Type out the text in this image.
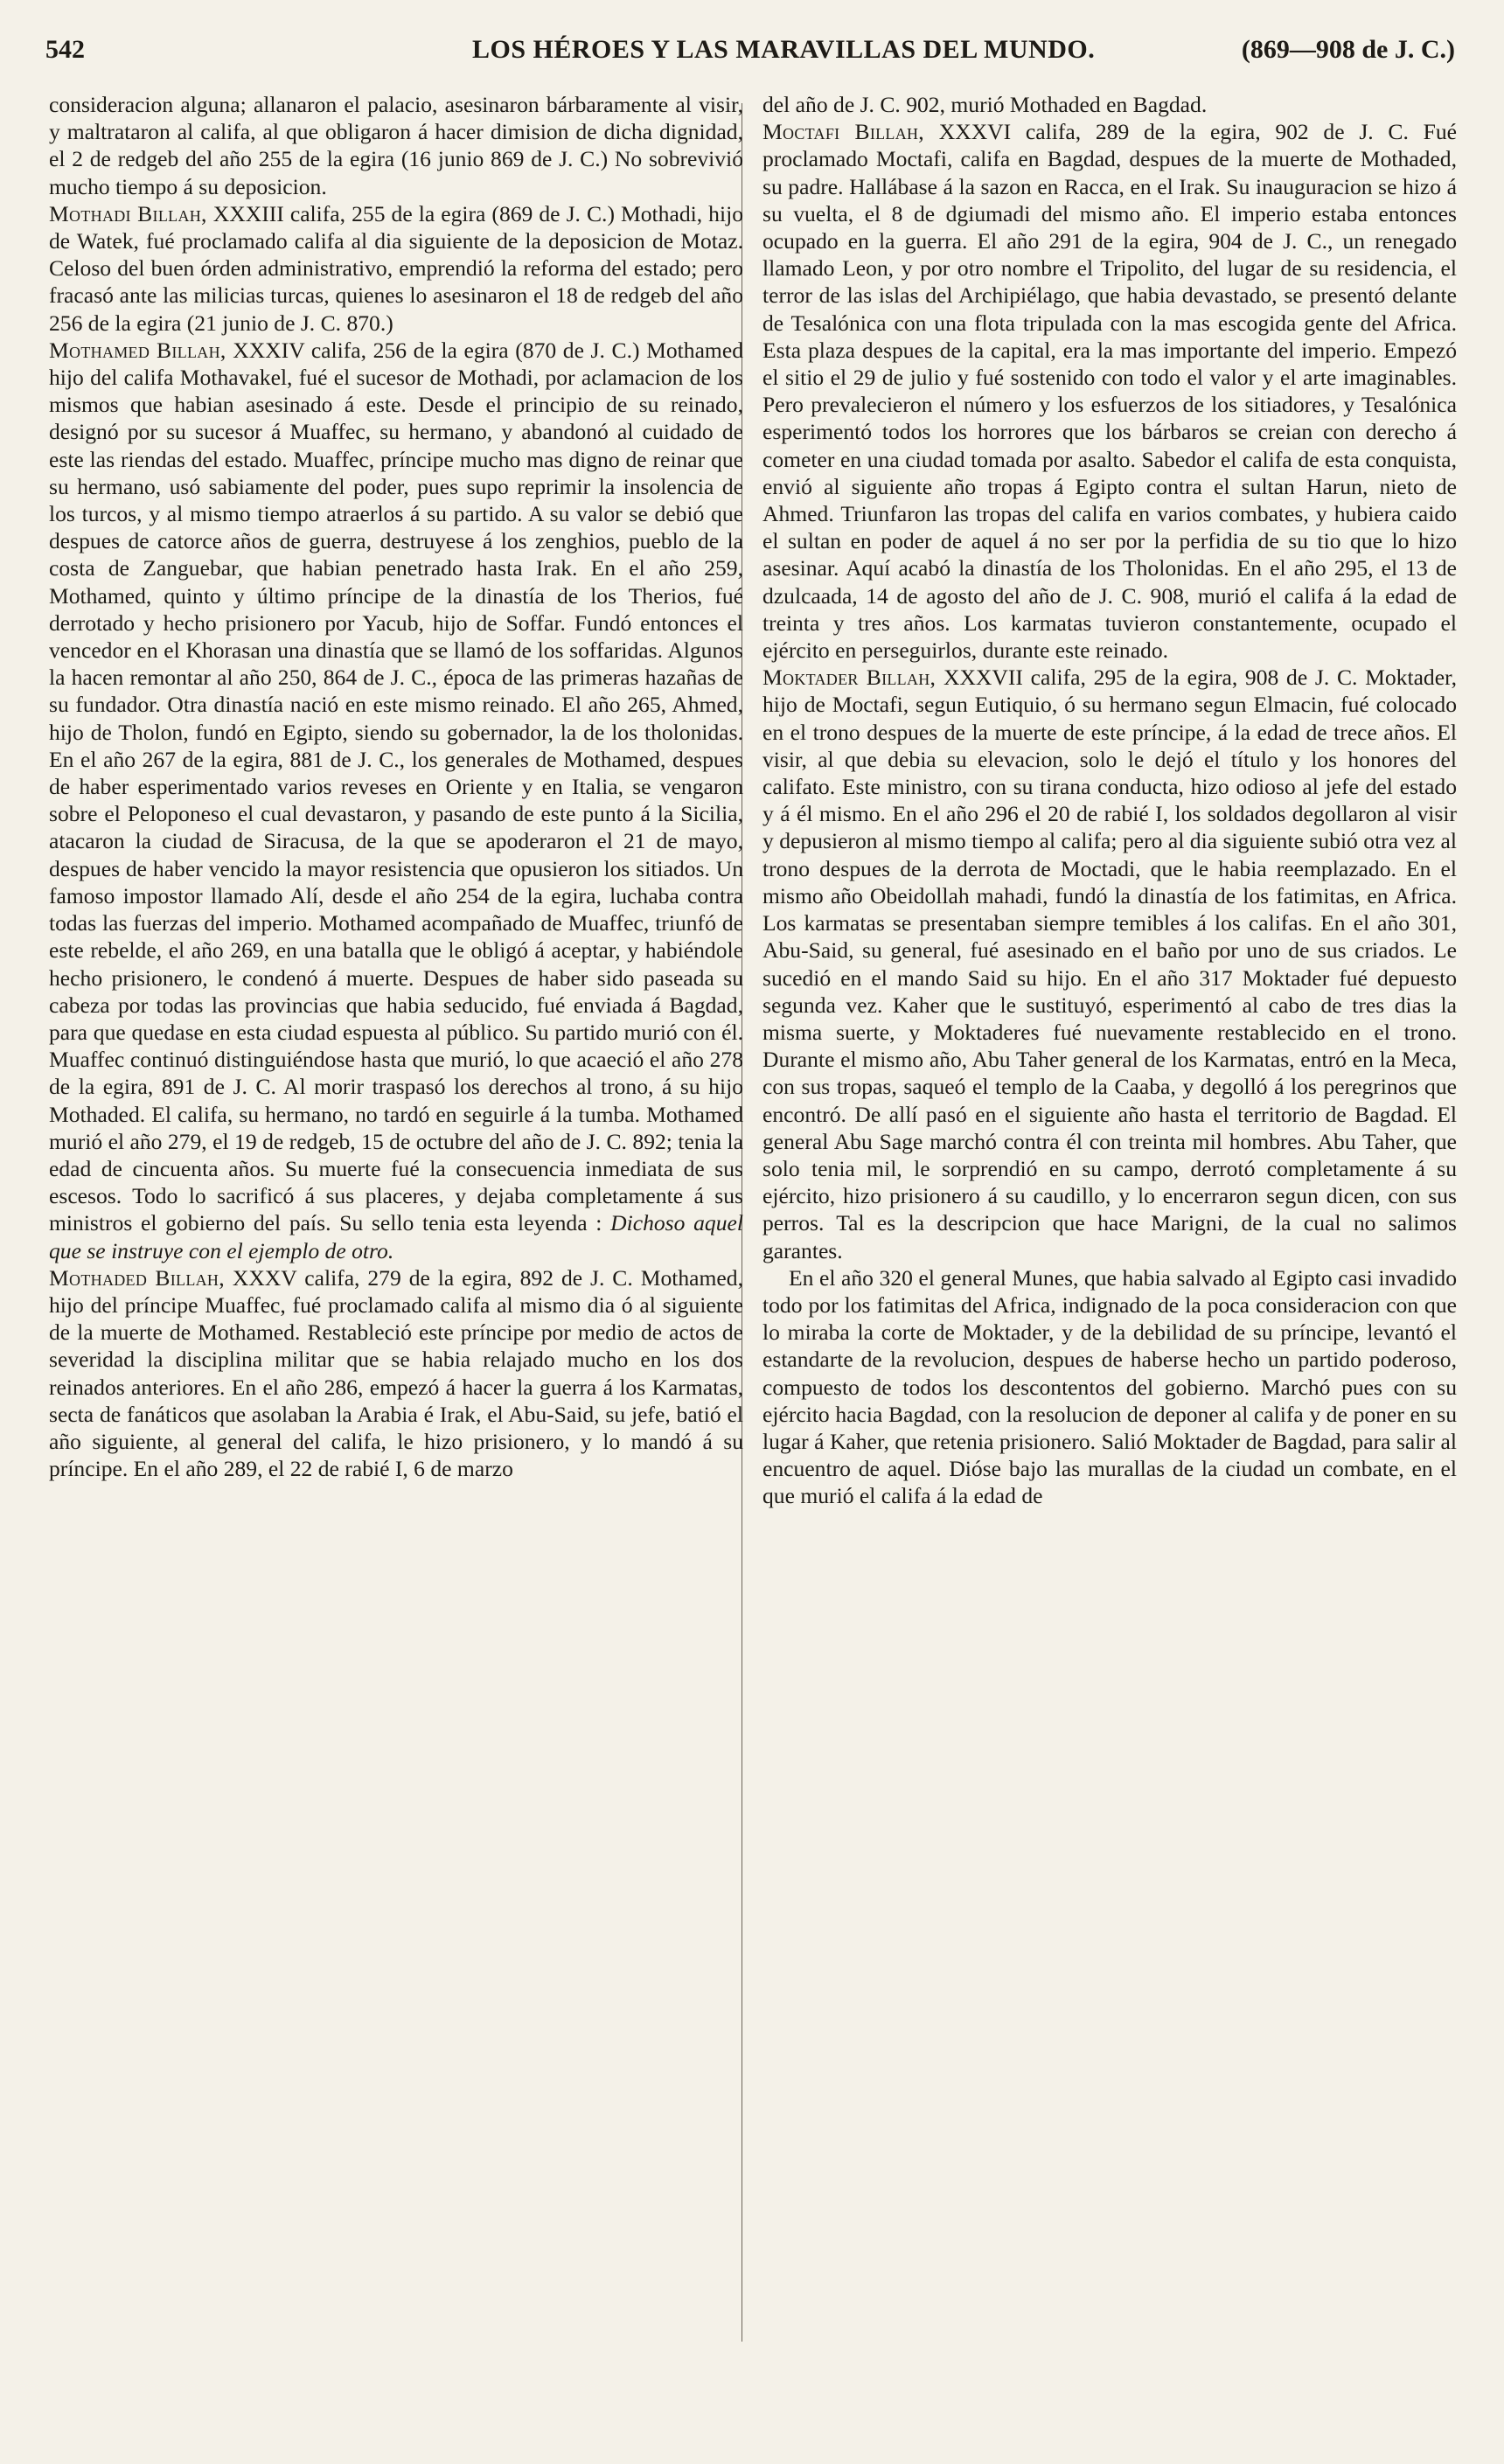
542	LOS HÉROES Y LAS MARAVILLAS DEL MUNDO.	(869—908 de J. C.)

consideracion alguna; allanaron el palacio, asesinaron bárbaramente al visir, y maltrataron al califa, al que obligaron á hacer dimision de dicha dignidad, el 2 de redgeb del año 255 de la egira (16 junio 869 de J. C.) No sobrevivió mucho tiempo á su deposicion.

Mothadi Billah, XXXIII califa, 255 de la egira (869 de J. C.) Mothadi, hijo de Watek, fué proclamado califa al dia siguiente de la deposicion de Motaz. Celoso del buen órden administrativo, emprendió la reforma del estado; pero fracasó ante las milicias turcas, quienes lo asesinaron el 18 de redgeb del año 256 de la egira (21 junio de J. C. 870.)

Mothamed Billah, XXXIV califa, 256 de la egira (870 de J. C.) Mothamed hijo del califa Mothavakel, fué el sucesor de Mothadi, por aclamacion de los mismos que habian asesinado á este. Desde el principio de su reinado, designó por su sucesor á Muaffec, su hermano, y abandonó al cuidado de este las riendas del estado. Muaffec, príncipe mucho mas digno de reinar que su hermano, usó sabiamente del poder, pues supo reprimir la insolencia de los turcos, y al mismo tiempo atraerlos á su partido. A su valor se debió que despues de catorce años de guerra, destruyese á los zenghios, pueblo de la costa de Zanguebar, que habian penetrado hasta Irak. En el año 259, Mothamed, quinto y último príncipe de la dinastía de los Therios, fué derrotado y hecho prisionero por Yacub, hijo de Soffar. Fundó entonces el vencedor en el Khorasan una dinastía que se llamó de los soffaridas. Algunos la hacen remontar al año 250, 864 de J. C., época de las primeras hazañas de su fundador. Otra dinastía nació en este mismo reinado. El año 265, Ahmed, hijo de Tholon, fundó en Egipto, siendo su gobernador, la de los tholonidas. En el año 267 de la egira, 881 de J. C., los generales de Mothamed, despues de haber esperimentado varios reveses en Oriente y en Italia, se vengaron sobre el Peloponeso el cual devastaron, y pasando de este punto á la Sicilia, atacaron la ciudad de Siracusa, de la que se apoderaron el 21 de mayo, despues de haber vencido la mayor resistencia que opusieron los sitiados. Un famoso impostor llamado Alí, desde el año 254 de la egira, luchaba contra todas las fuerzas del imperio. Mothamed acompañado de Muaffec, triunfó de este rebelde, el año 269, en una batalla que le obligó á aceptar, y habiéndole hecho prisionero, le condenó á muerte. Despues de haber sido paseada su cabeza por todas las provincias que habia seducido, fué enviada á Bagdad, para que quedase en esta ciudad espuesta al público. Su partido murió con él. Muaffec continuó distinguiéndose hasta que murió, lo que acaeció el año 278 de la egira, 891 de J. C. Al morir traspasó los derechos al trono, á su hijo Mothaded. El califa, su hermano, no tardó en seguirle á la tumba. Mothamed murió el año 279, el 19 de redgeb, 15 de octubre del año de J. C. 892; tenia la edad de cincuenta años. Su muerte fué la consecuencia inmediata de sus escesos. Todo lo sacrificó á sus placeres, y dejaba completamente á sus ministros el gobierno del país. Su sello tenia esta leyenda : Dichoso aquel que se instruye con el ejemplo de otro.

Mothaded Billah, XXXV califa, 279 de la egira, 892 de J. C. Mothamed, hijo del príncipe Muaffec, fué proclamado califa al mismo dia ó al siguiente de la muerte de Mothamed. Restableció este príncipe por medio de actos de severidad la disciplina militar que se habia relajado mucho en los dos reinados anteriores. En el año 286, empezó á hacer la guerra á los Karmatas, secta de fanáticos que asolaban la Arabia é Irak, el Abu-Said, su jefe, batió el año siguiente, al general del califa, le hizo prisionero, y lo mandó á su príncipe. En el año 289, el 22 de rabié I, 6 de marzo

del año de J. C. 902, murió Mothaded en Bagdad.

Moctafi Billah, XXXVI califa, 289 de la egira, 902 de J. C. Fué proclamado Moctafi, califa en Bagdad, despues de la muerte de Mothaded, su padre. Hallábase á la sazon en Racca, en el Irak. Su inauguracion se hizo á su vuelta, el 8 de dgiumadi del mismo año. El imperio estaba entonces ocupado en la guerra. El año 291 de la egira, 904 de J. C., un renegado llamado Leon, y por otro nombre el Tripolito, del lugar de su residencia, el terror de las islas del Archipiélago, que habia devastado, se presentó delante de Tesalónica con una flota tripulada con la mas escogida gente del Africa. Esta plaza despues de la capital, era la mas importante del imperio. Empezó el sitio el 29 de julio y fué sostenido con todo el valor y el arte imaginables. Pero prevalecieron el número y los esfuerzos de los sitiadores, y Tesalónica esperimentó todos los horrores que los bárbaros se creian con derecho á cometer en una ciudad tomada por asalto. Sabedor el califa de esta conquista, envió al siguiente año tropas á Egipto contra el sultan Harun, nieto de Ahmed. Triunfaron las tropas del califa en varios combates, y hubiera caido el sultan en poder de aquel á no ser por la perfidia de su tio que lo hizo asesinar. Aquí acabó la dinastía de los Tholonidas. En el año 295, el 13 de dzulcaada, 14 de agosto del año de J. C. 908, murió el califa á la edad de treinta y tres años. Los karmatas tuvieron constantemente, ocupado el ejército en perseguirlos, durante este reinado.

Moktader Billah, XXXVII califa, 295 de la egira, 908 de J. C. Moktader, hijo de Moctafi, segun Eutiquio, ó su hermano segun Elmacin, fué colocado en el trono despues de la muerte de este príncipe, á la edad de trece años. El visir, al que debia su elevacion, solo le dejó el título y los honores del califato. Este ministro, con su tirana conducta, hizo odioso al jefe del estado y á él mismo. En el año 296 el 20 de rabié I, los soldados degollaron al visir y depusieron al mismo tiempo al califa; pero al dia siguiente subió otra vez al trono despues de la derrota de Moctadi, que le habia reemplazado. En el mismo año Obeidollah mahadi, fundó la dinastía de los fatimitas, en Africa. Los karmatas se presentaban siempre temibles á los califas. En el año 301, Abu-Said, su general, fué asesinado en el baño por uno de sus criados. Le sucedió en el mando Said su hijo. En el año 317 Moktader fué depuesto segunda vez. Kaher que le sustituyó, esperimentó al cabo de tres dias la misma suerte, y Moktaderes fué nuevamente restablecido en el trono. Durante el mismo año, Abu Taher general de los Karmatas, entró en la Meca, con sus tropas, saqueó el templo de la Caaba, y degolló á los peregrinos que encontró. De allí pasó en el siguiente año hasta el territorio de Bagdad. El general Abu Sage marchó contra él con treinta mil hombres. Abu Taher, que solo tenia mil, le sorprendió en su campo, derrotó completamente á su ejército, hizo prisionero á su caudillo, y lo encerraron segun dicen, con sus perros. Tal es la descripcion que hace Marigni, de la cual no salimos garantes.

En el año 320 el general Munes, que habia salvado al Egipto casi invadido todo por los fatimitas del Africa, indignado de la poca consideracion con que lo miraba la corte de Moktader, y de la debilidad de su príncipe, levantó el estandarte de la revolucion, despues de haberse hecho un partido poderoso, compuesto de todos los descontentos del gobierno. Marchó pues con su ejército hacia Bagdad, con la resolucion de deponer al califa y de poner en su lugar á Kaher, que retenia prisionero. Salió Moktader de Bagdad, para salir al encuentro de aquel. Dióse bajo las murallas de la ciudad un combate, en el que murió el califa á la edad de
